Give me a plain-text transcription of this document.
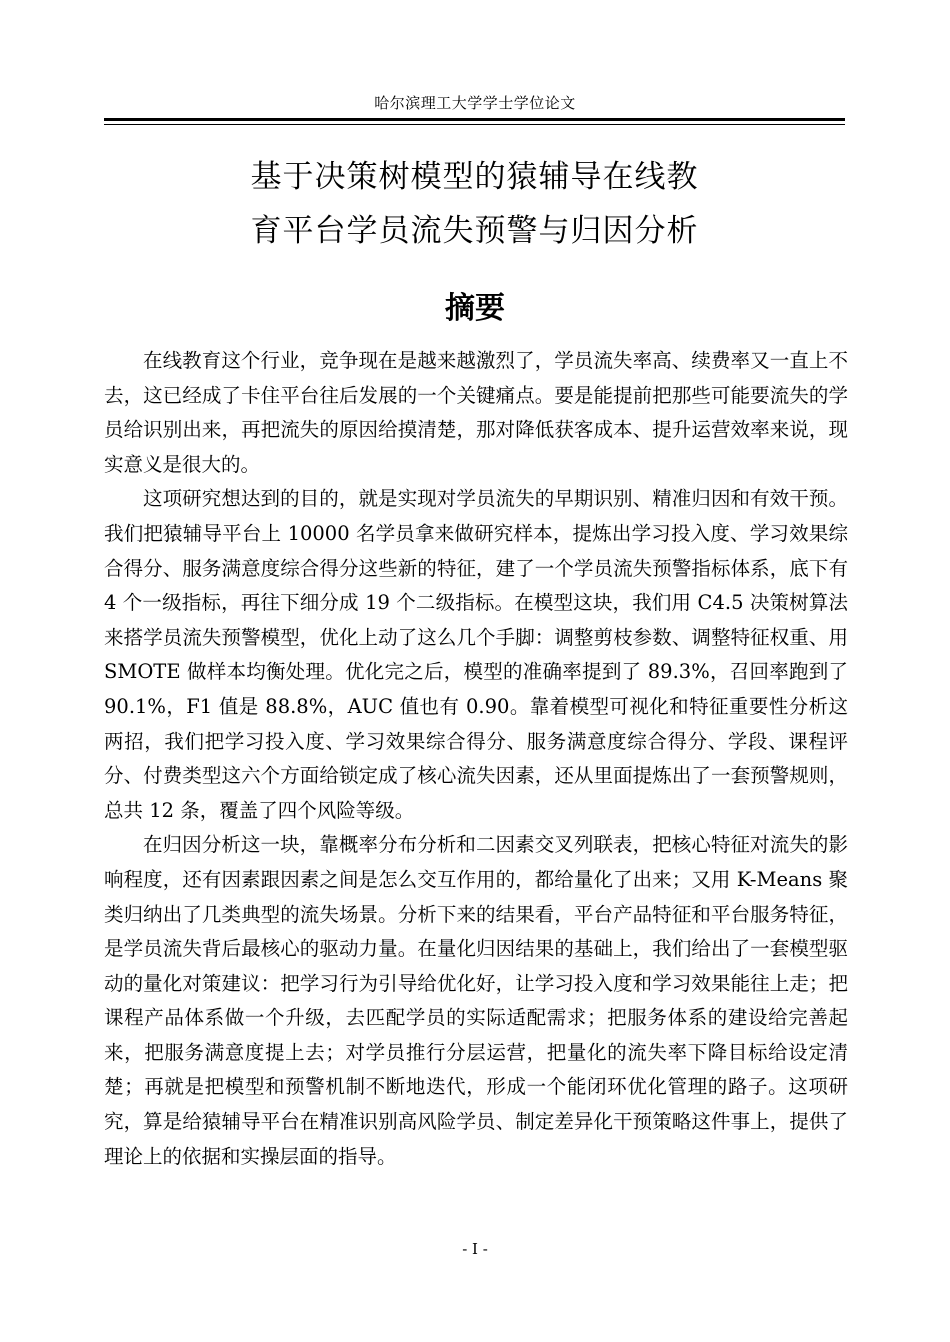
哈尔滨理工大学学士学位论文
基于决策树模型的猿辅导在线教
育平台学员流失预警与归因分析
摘要

在线教育这个行业，竞争现在是越来越激烈了，学员流失率高、续费率又一直上不去，这已经成了卡住平台往后发展的一个关键痛点。要是能提前把那些可能要流失的学员给识别出来，再把流失的原因给摸清楚，那对降低获客成本、提升运营效率来说，现实意义是很大的。

这项研究想达到的目的，就是实现对学员流失的早期识别、精准归因和有效干预。我们把猿辅导平台上 10000 名学员拿来做研究样本，提炼出学习投入度、学习效果综合得分、服务满意度综合得分这些新的特征，建了一个学员流失预警指标体系，底下有 4 个一级指标，再往下细分成 19 个二级指标。在模型这块，我们用 C4.5 决策树算法来搭学员流失预警模型，优化上动了这么几个手脚：调整剪枝参数、调整特征权重、用 SMOTE 做样本均衡处理。优化完之后，模型的准确率提到了 89.3%，召回率跑到了 90.1%，F1 值是 88.8%，AUC 值也有 0.90。靠着模型可视化和特征重要性分析这两招，我们把学习投入度、学习效果综合得分、服务满意度综合得分、学段、课程评分、付费类型这六个方面给锁定成了核心流失因素，还从里面提炼出了一套预警规则，总共 12 条，覆盖了四个风险等级。

在归因分析这一块，靠概率分布分析和二因素交叉列联表，把核心特征对流失的影响程度，还有因素跟因素之间是怎么交互作用的，都给量化了出来；又用 K-Means 聚类归纳出了几类典型的流失场景。分析下来的结果看，平台产品特征和平台服务特征，是学员流失背后最核心的驱动力量。在量化归因结果的基础上，我们给出了一套模型驱动的量化对策建议：把学习行为引导给优化好，让学习投入度和学习效果能往上走；把课程产品体系做一个升级，去匹配学员的实际适配需求；把服务体系的建设给完善起来，把服务满意度提上去；对学员推行分层运营，把量化的流失率下降目标给设定清楚；再就是把模型和预警机制不断地迭代，形成一个能闭环优化管理的路子。这项研究，算是给猿辅导平台在精准识别高风险学员、制定差异化干预策略这件事上，提供了理论上的依据和实操层面的指导。

- I -
